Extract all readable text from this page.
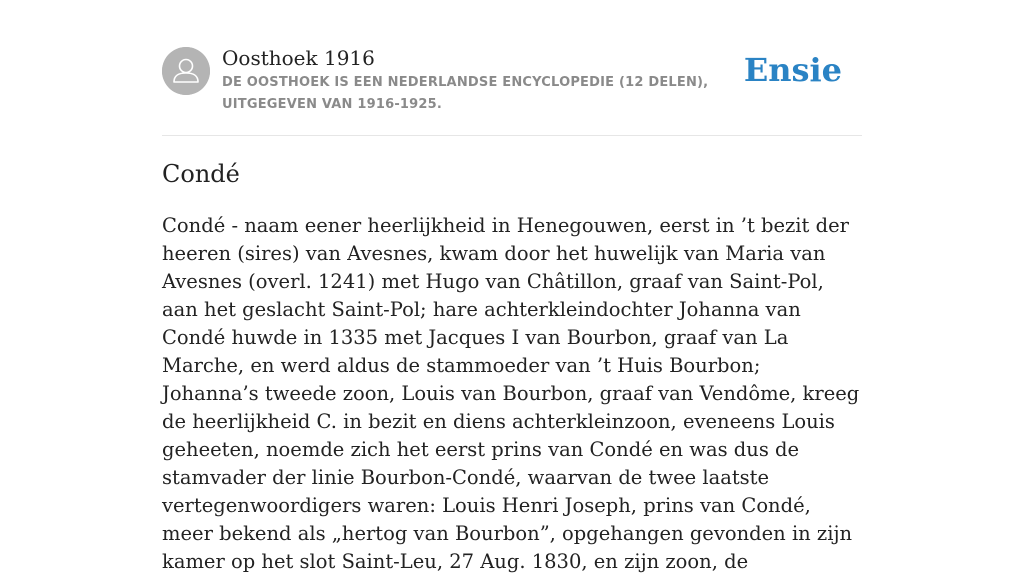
Oosthoek 1916
DE OOSTHOEK IS EEN NEDERLANDSE ENCYCLOPEDIE (12 DELEN), UITGEGEVEN VAN 1916-1925.
Ensie
Condé

Condé - naam eener heerlijkheid in Henegouwen, eerst in ’t bezit der heeren (sires) van Avesnes, kwam door het huwelijk van Maria van Avesnes (overl. 1241) met Hugo van Châtillon, graaf van Saint-Pol, aan het geslacht Saint-Pol; hare achterkleindochter Johanna van Condé huwde in 1335 met Jacques I van Bourbon, graaf van La Marche, en werd aldus de stammoeder van ’t Huis Bourbon; Johanna’s tweede zoon, Louis van Bourbon, graaf van Vendôme, kreeg de heerlijkheid C. in bezit en diens achterkleinzoon, eveneens Louis geheeten, noemde zich het eerst prins van Condé en was dus de stamvader der linie Bourbon-Condé, waarvan de twee laatste vertegenwoordigers waren: Louis Henri Joseph, prins van Condé, meer bekend als „hertog van Bourbon”, opgehangen gevonden in zijn kamer op het slot Saint-Leu, 27 Aug. 1830, en zijn zoon, de
